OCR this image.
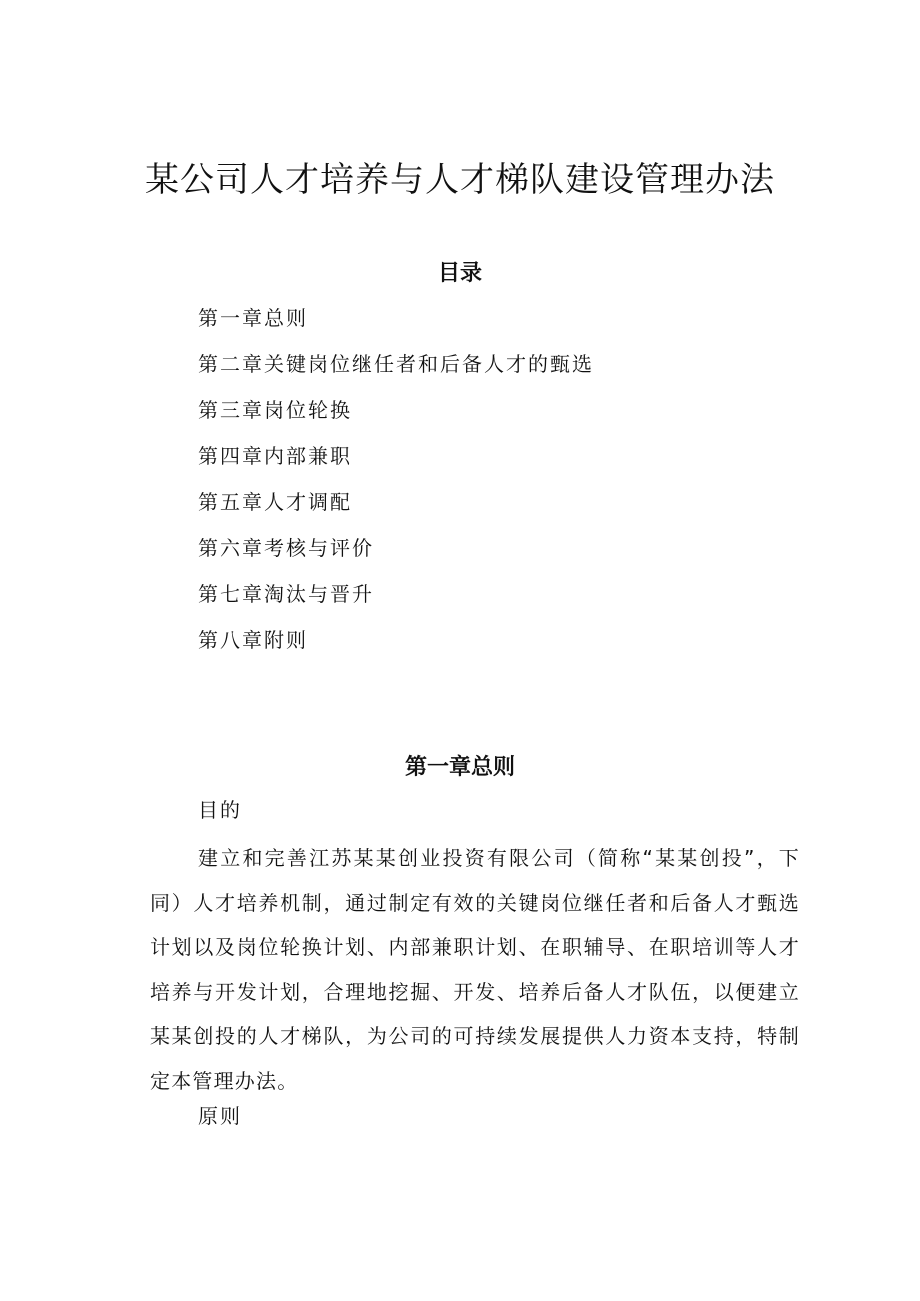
某公司人才培养与人才梯队建设管理办法
目录
第一章总则
第二章关键岗位继任者和后备人才的甄选
第三章岗位轮换
第四章内部兼职
第五章人才调配
第六章考核与评价
第七章淘汰与晋升
第八章附则
第一章总则
目的

建立和完善江苏某某创业投资有限公司（简称“某某创投”，下同）人才培养机制，通过制定有效的关键岗位继任者和后备人才甄选计划以及岗位轮换计划、内部兼职计划、在职辅导、在职培训等人才培养与开发计划，合理地挖掘、开发、培养后备人才队伍，以便建立某某创投的人才梯队，为公司的可持续发展提供人力资本支持，特制定本管理办法。

原则
